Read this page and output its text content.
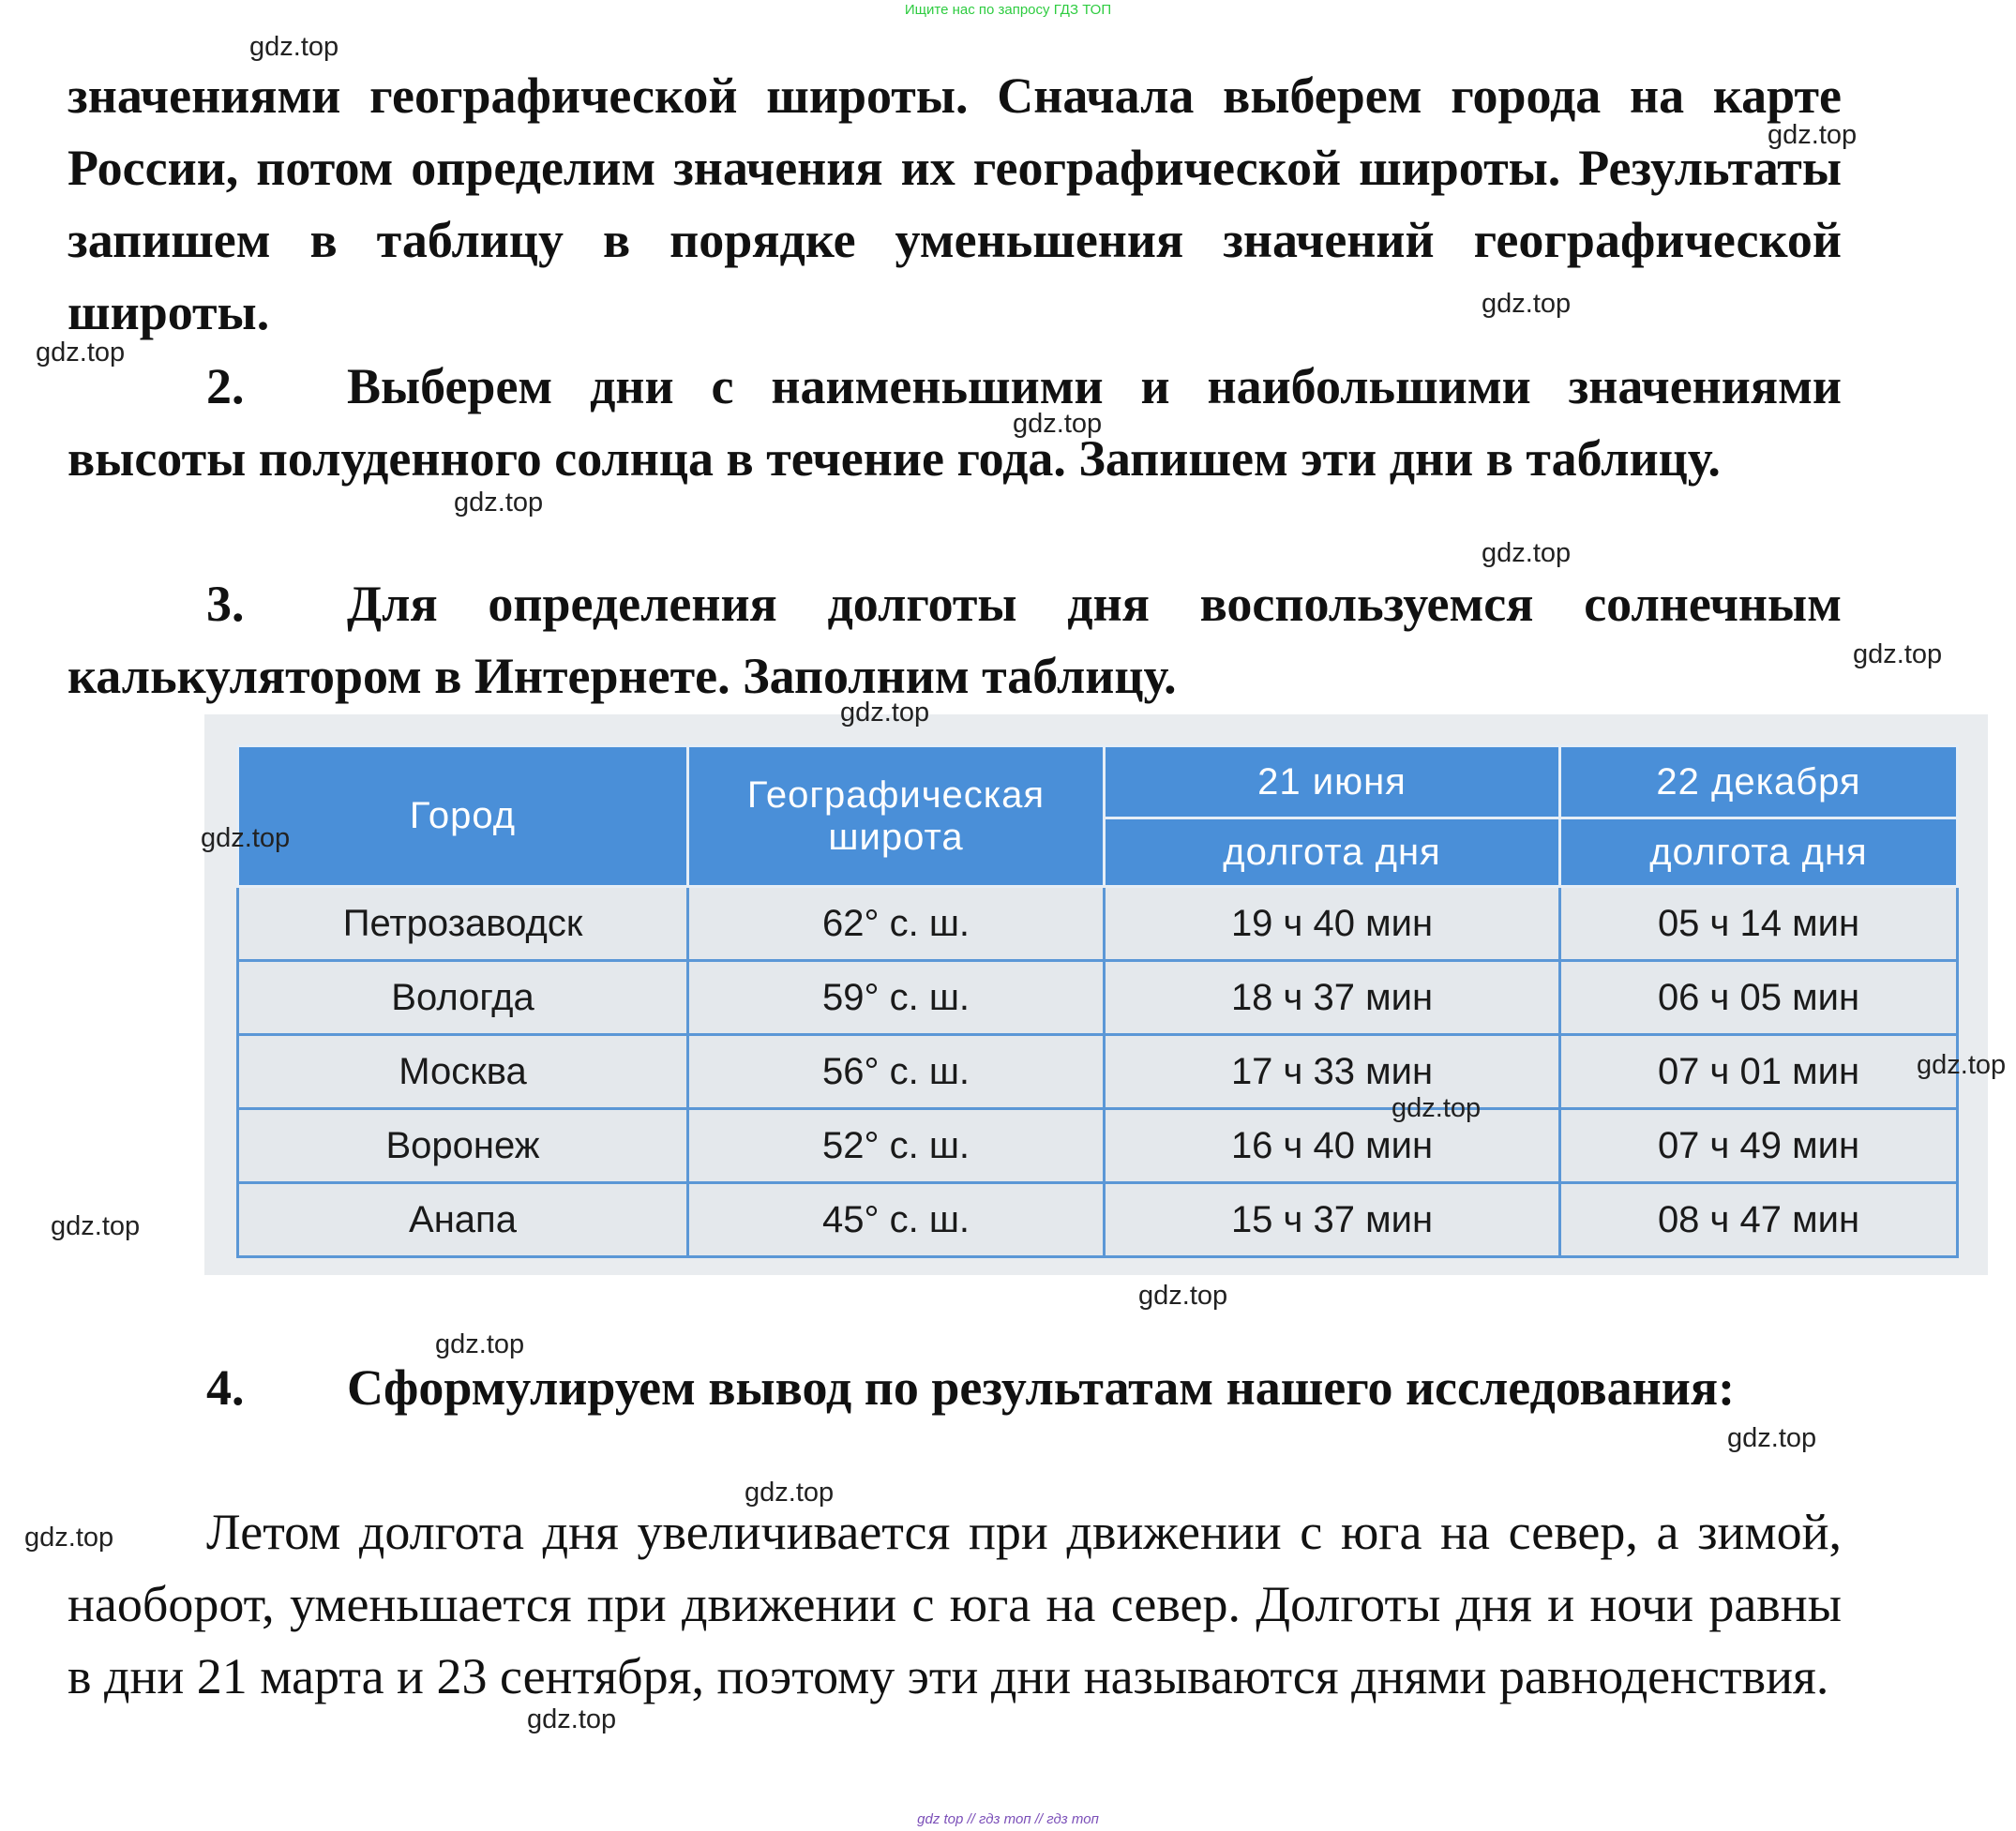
Ищите нас по запросу ГДЗ ТОП
значениями географической широты. Сначала выберем города на карте России, потом определим значения их географической широты. Результаты запишем в таблицу в порядке уменьшения значений географической широты.
2. Выберем дни с наименьшими и наибольшими значениями высоты полуденного солнца в течение года. Запишем эти дни в таблицу.
3. Для определения долготы дня воспользуемся солнечным калькулятором в Интернете. Заполним таблицу.
Город	Географическая широта	21 июня	22 декабря
		долгота дня	долгота дня
Петрозаводск	62° с. ш.	19 ч 40 мин	05 ч 14 мин
Вологда	59° с. ш.	18 ч 37 мин	06 ч 05 мин
Москва	56° с. ш.	17 ч 33 мин	07 ч 01 мин
Воронеж	52° с. ш.	16 ч 40 мин	07 ч 49 мин
Анапа	45° с. ш.	15 ч 37 мин	08 ч 47 мин
4. Сформулируем вывод по результатам нашего исследования:
Летом долгота дня увеличивается при движении с юга на север, а зимой, наоборот, уменьшается при движении с юга на север. Долготы дня и ночи равны в дни 21 марта и 23 сентября, поэтому эти дни называются днями равноденствия.
gdz.top
gdz.top
gdz.top
gdz.top
gdz.top
gdz.top
gdz.top
gdz.top
gdz.top
gdz.top
gdz.top
gdz.top
gdz.top
gdz.top
gdz.top
gdz.top
gdz.top
gdz.top
gdz.top
gdz top // гдз топ // гдз топ
